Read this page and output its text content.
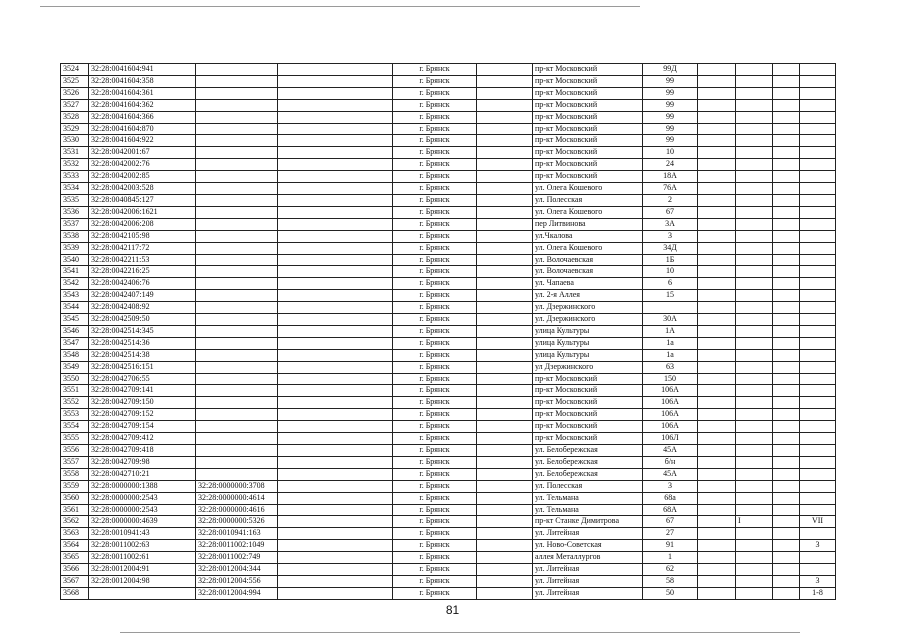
3524	32:28:0041604:941			г. Брянск		пр-кт Московский	99Д				
3525	32:28:0041604:358			г. Брянск		пр-кт Московский	99				
3526	32:28:0041604:361			г. Брянск		пр-кт Московский	99				
3527	32:28:0041604:362			г. Брянск		пр-кт Московский	99				
3528	32:28:0041604:366			г. Брянск		пр-кт Московский	99				
3529	32:28:0041604:870			г. Брянск		пр-кт Московский	99				
3530	32:28:0041604:922			г. Брянск		пр-кт Московский	99				
3531	32:28:0042001:67			г. Брянск		пр-кт Московский	10				
3532	32:28:0042002:76			г. Брянск		пр-кт Московский	24				
3533	32:28:0042002:85			г. Брянск		пр-кт Московский	18А				
3534	32:28:0042003:528			г. Брянск		ул. Олега Кошевого	76А				
3535	32:28:0040845:127			г. Брянск		ул. Полесская	2				
3536	32:28:0042006:1621			г. Брянск		ул. Олега Кошевого	67				
3537	32:28:0042006:208			г. Брянск		пер Литвинова	3А				
3538	32:28:0042105:98			г. Брянск		ул.Чкалова	3				
3539	32:28:0042117:72			г. Брянск		ул. Олега Кошевого	34Д				
3540	32:28:0042211:53			г. Брянск		ул. Волочаевская	1Б				
3541	32:28:0042216:25			г. Брянск		ул. Волочаевская	10				
3542	32:28:0042406:76			г. Брянск		ул. Чапаева	6				
3543	32:28:0042407:149			г. Брянск		ул. 2-я Аллея	15				
3544	32:28:0042408:92			г. Брянск		ул. Дзержинского					
3545	32:28:0042509:50			г. Брянск		ул. Дзержинского	30А				
3546	32:28:0042514:345			г. Брянск		улица Культуры	1А				
3547	32:28:0042514:36			г. Брянск		улица Культуры	1а				
3548	32:28:0042514:38			г. Брянск		улица Культуры	1а				
3549	32:28:0042516:151			г. Брянск		ул Дзержинского	63				
3550	32:28:0042706:55			г. Брянск		пр-кт Московский	150				
3551	32:28:0042709:141			г. Брянск		пр-кт Московский	106А				
3552	32:28:0042709:150			г. Брянск		пр-кт Московский	106А				
3553	32:28:0042709:152			г. Брянск		пр-кт Московский	106А				
3554	32:28:0042709:154			г. Брянск		пр-кт Московский	106А				
3555	32:28:0042709:412			г. Брянск		пр-кт Московский	106Л				
3556	32:28:0042709:418			г. Брянск		ул. Белобережская	45А				
3557	32:28:0042709:98			г. Брянск		ул. Белобережская	б/н				
3558	32:28:0042710:21			г. Брянск		ул. Белобережская	45А				
3559	32:28:0000000:1388	32:28:0000000:3708		г. Брянск		ул. Полесская	3				
3560	32:28:0000000:2543	32:28:0000000:4614		г. Брянск		ул. Тельмана	68а				
3561	32:28:0000000:2543	32:28:0000000:4616		г. Брянск		ул. Тельмана	68А				
3562	32:28:0000000:4639	32:28:0000000:5326		г. Брянск		пр-кт Станке Димитрова	67		I		VII
3563	32:28:0010941:43	32:28:0010941:163		г. Брянск		ул. Литейная	27				
3564	32:28:0011002:63	32:28:0011002:1049		г. Брянск		ул. Ново-Советская	91				3
3565	32:28:0011002:61	32:28:0011002:749		г. Брянск		аллея Металлургов	1				
3566	32:28:0012004:91	32:28:0012004:344		г. Брянск		ул. Литейная	62				
3567	32:28:0012004:98	32:28:0012004:556		г. Брянск		ул. Литейная	58				3
3568		32:28:0012004:994		г. Брянск		ул. Литейная	50				1-8
81
